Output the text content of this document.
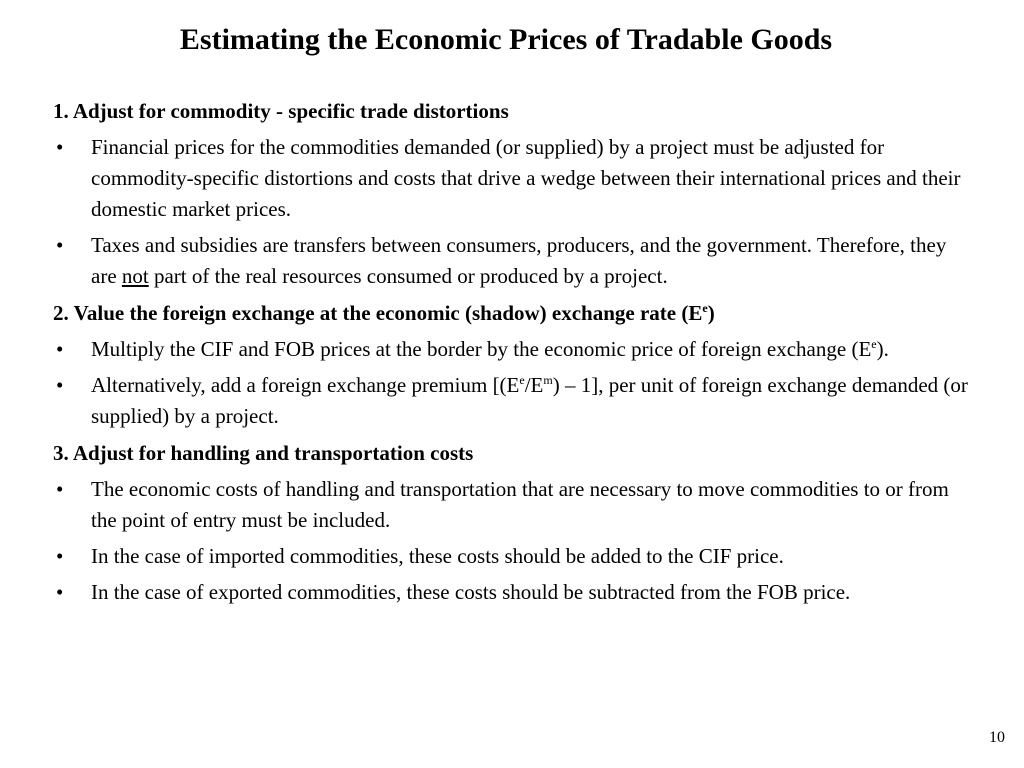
Estimating the Economic Prices of Tradable Goods
1. Adjust for commodity - specific trade distortions
• Financial prices for the commodities demanded (or supplied) by a project must be adjusted for commodity-specific distortions and costs that drive a wedge between their international prices and their domestic market prices.
• Taxes and subsidies are transfers between consumers, producers, and the government. Therefore, they are not part of the real resources consumed or produced by a project.
2. Value the foreign exchange at the economic (shadow) exchange rate $(E^e)$
• Multiply the CIF and FOB prices at the border by the economic price of foreign exchange $(E^e)$.
• Alternatively, add a foreign exchange premium $[(E^e/E^m) - 1]$, per unit of foreign exchange demanded (or supplied) by a project.
3. Adjust for handling and transportation costs
• The economic costs of handling and transportation that are necessary to move commodities to or from the point of entry must be included.
• In the case of imported commodities, these costs should be added to the CIF price.
• In the case of exported commodities, these costs should be subtracted from the FOB price.
10
